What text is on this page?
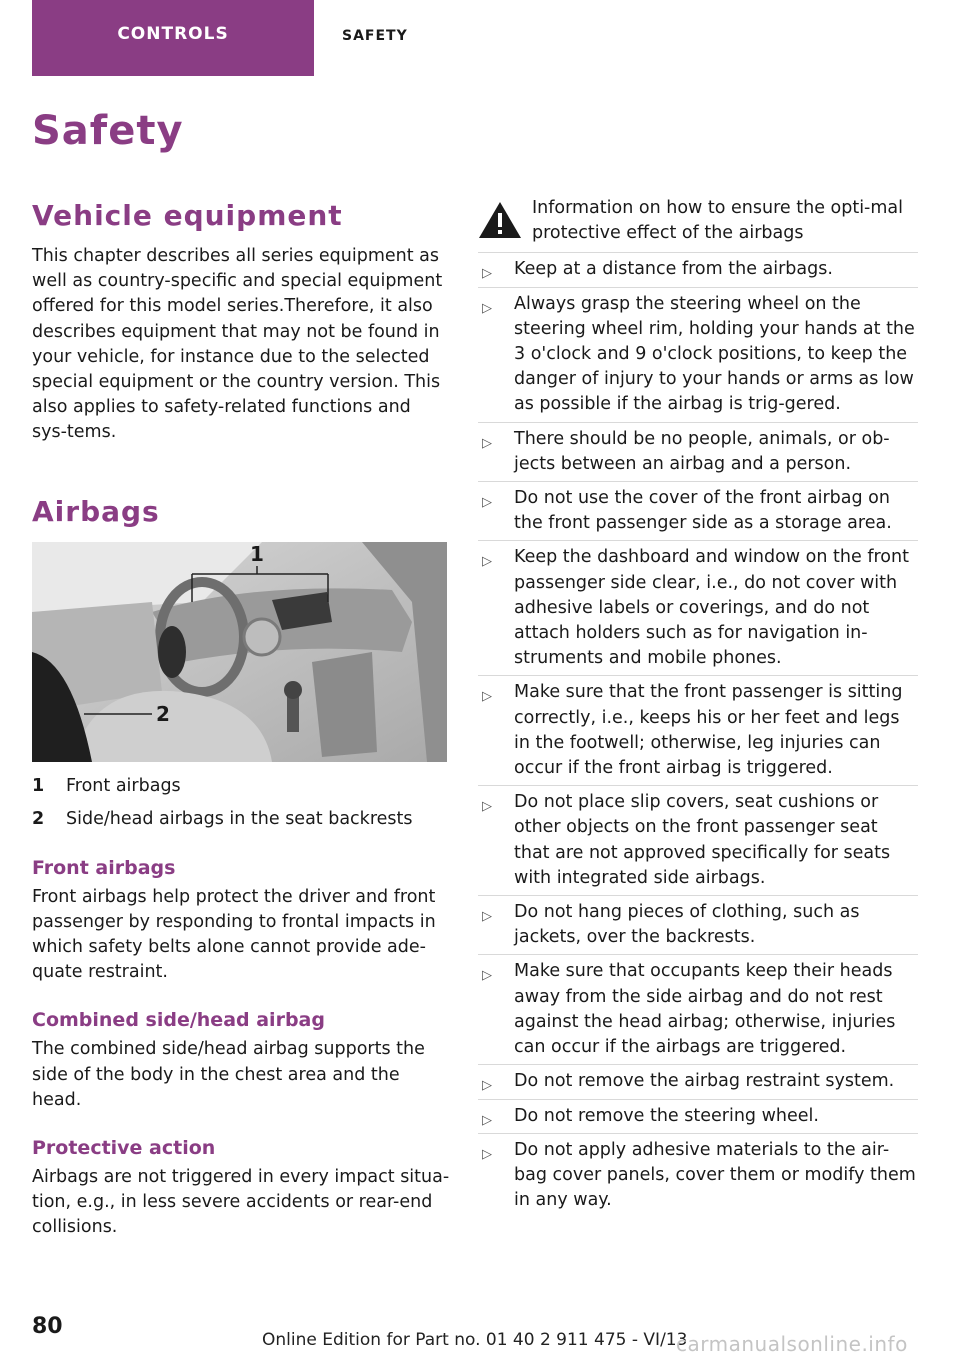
CONTROLS	SAFETY
Safety
Vehicle equipment

This chapter describes all series equipment as well as country-specific and special equipment offered for this model series.Therefore, it also describes equipment that may not be found in your vehicle, for instance due to the selected special equipment or the country version. This also applies to safety-related functions and sys-tems.

Airbags
1
2
1	Front airbags
2	Side/head airbags in the seat backrests
Front airbags

Front airbags help protect the driver and front passenger by responding to frontal impacts in which safety belts alone cannot provide ade-quate restraint.

Combined side/head airbag

The combined side/head airbag supports the side of the body in the chest area and the head.

Protective action

Airbags are not triggered in every impact situa-tion, e.g., in less severe accidents or rear-end collisions.

Information on how to ensure the opti-mal protective effect of the airbags

▷ Keep at a distance from the airbags.
▷ Always grasp the steering wheel on the steering wheel rim, holding your hands at the 3 o'clock and 9 o'clock positions, to keep the danger of injury to your hands or arms as low as possible if the airbag is trig-gered.
▷ There should be no people, animals, or ob-jects between an airbag and a person.
▷ Do not use the cover of the front airbag on the front passenger side as a storage area.
▷ Keep the dashboard and window on the front passenger side clear, i.e., do not cover with adhesive labels or coverings, and do not attach holders such as for navigation in-struments and mobile phones.
▷ Make sure that the front passenger is sitting correctly, i.e., keeps his or her feet and legs in the footwell; otherwise, leg injuries can occur if the front airbag is triggered.
▷ Do not place slip covers, seat cushions or other objects on the front passenger seat that are not approved specifically for seats with integrated side airbags.
▷ Do not hang pieces of clothing, such as jackets, over the backrests.
▷ Make sure that occupants keep their heads away from the side airbag and do not rest against the head airbag; otherwise, injuries can occur if the airbags are triggered.
▷ Do not remove the airbag restraint system.
▷ Do not remove the steering wheel.
▷ Do not apply adhesive materials to the air-bag cover panels, cover them or modify them in any way.
80
Online Edition for Part no. 01 40 2 911 475 - VI/13
carmanualsonline.info
